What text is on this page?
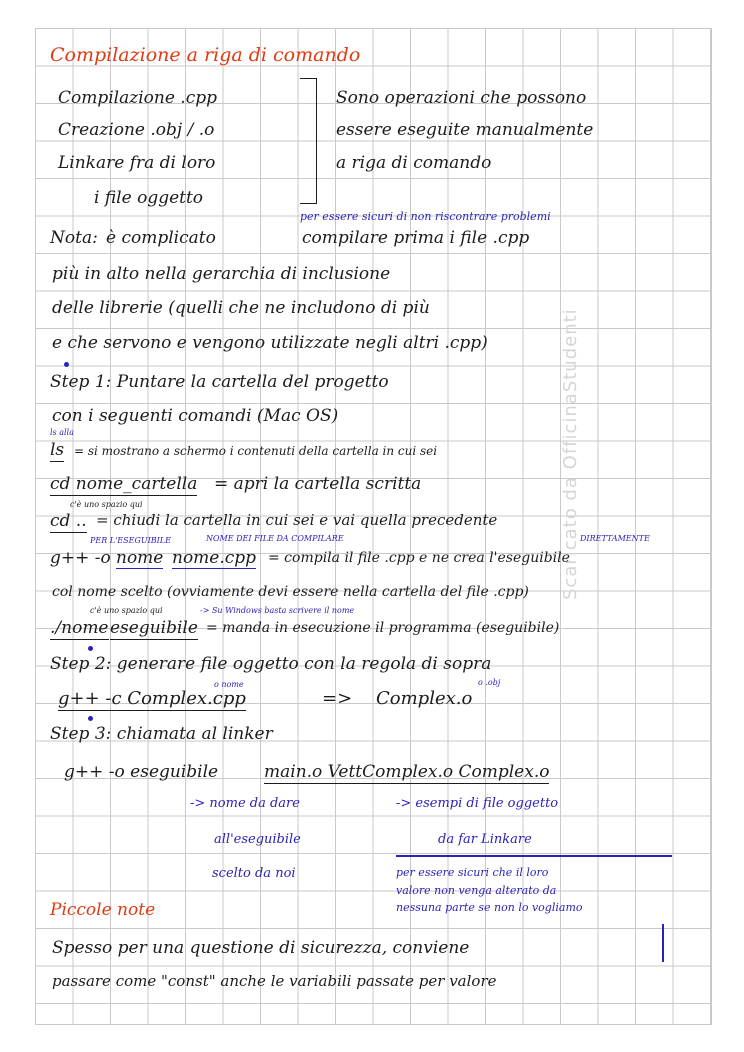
Scaricato da OfficinaStudenti
Compilazione a riga di comando
Compilazione .cpp
Creazione .obj / .o
Linkare fra di loro
i file oggetto
Sono operazioni che possono
essere eseguite manualmente
a riga di comando
per essere sicuri di non riscontrare problemi
Nota: è complicato	compilare prima i file .cpp
più in alto nella gerarchia di inclusione
delle librerie (quelli che ne includono di più
e che servono e vengono utilizzate negli altri .cpp)
Step 1: Puntare la cartella del progetto
con i seguenti comandi (Mac OS)
ls alla
ls = si mostrano a schermo i contenuti della cartella in cui sei
cd nome_cartella = apri la cartella scritta
c'è uno spazio qui
cd .. = chiudi la cartella in cui sei e vai quella precedente
PER L'ESEGUIBILE	NOME DEI FILE DA COMPILARE	DIRETTAMENTE
g++ -o nome nome.cpp = compila il file .cpp e ne crea l'eseguibile
col nome scelto (ovviamente devi essere nella cartella del file .cpp)
c'è uno spazio qui	-> Su Windows basta scrivere il nome
./nome eseguibile = manda in esecuzione il programma (eseguibile)
Step 2: generare file oggetto con la regola di sopra
o nome	o .obj
g++ -c Complex.cpp	=> Complex.o
Step 3: chiamata al linker
g++ -o eseguibile	main.o VettComplex.o Complex.o
-> nome da dare
all'eseguibile
scelto da noi
-> esempi di file oggetto
da far Linkare
per essere sicuri che il loro
valore non venga alterato da
nessuna parte se non lo vogliamo
Piccole note
Spesso per una questione di sicurezza, conviene
passare come "const" anche le variabili passate per valore
